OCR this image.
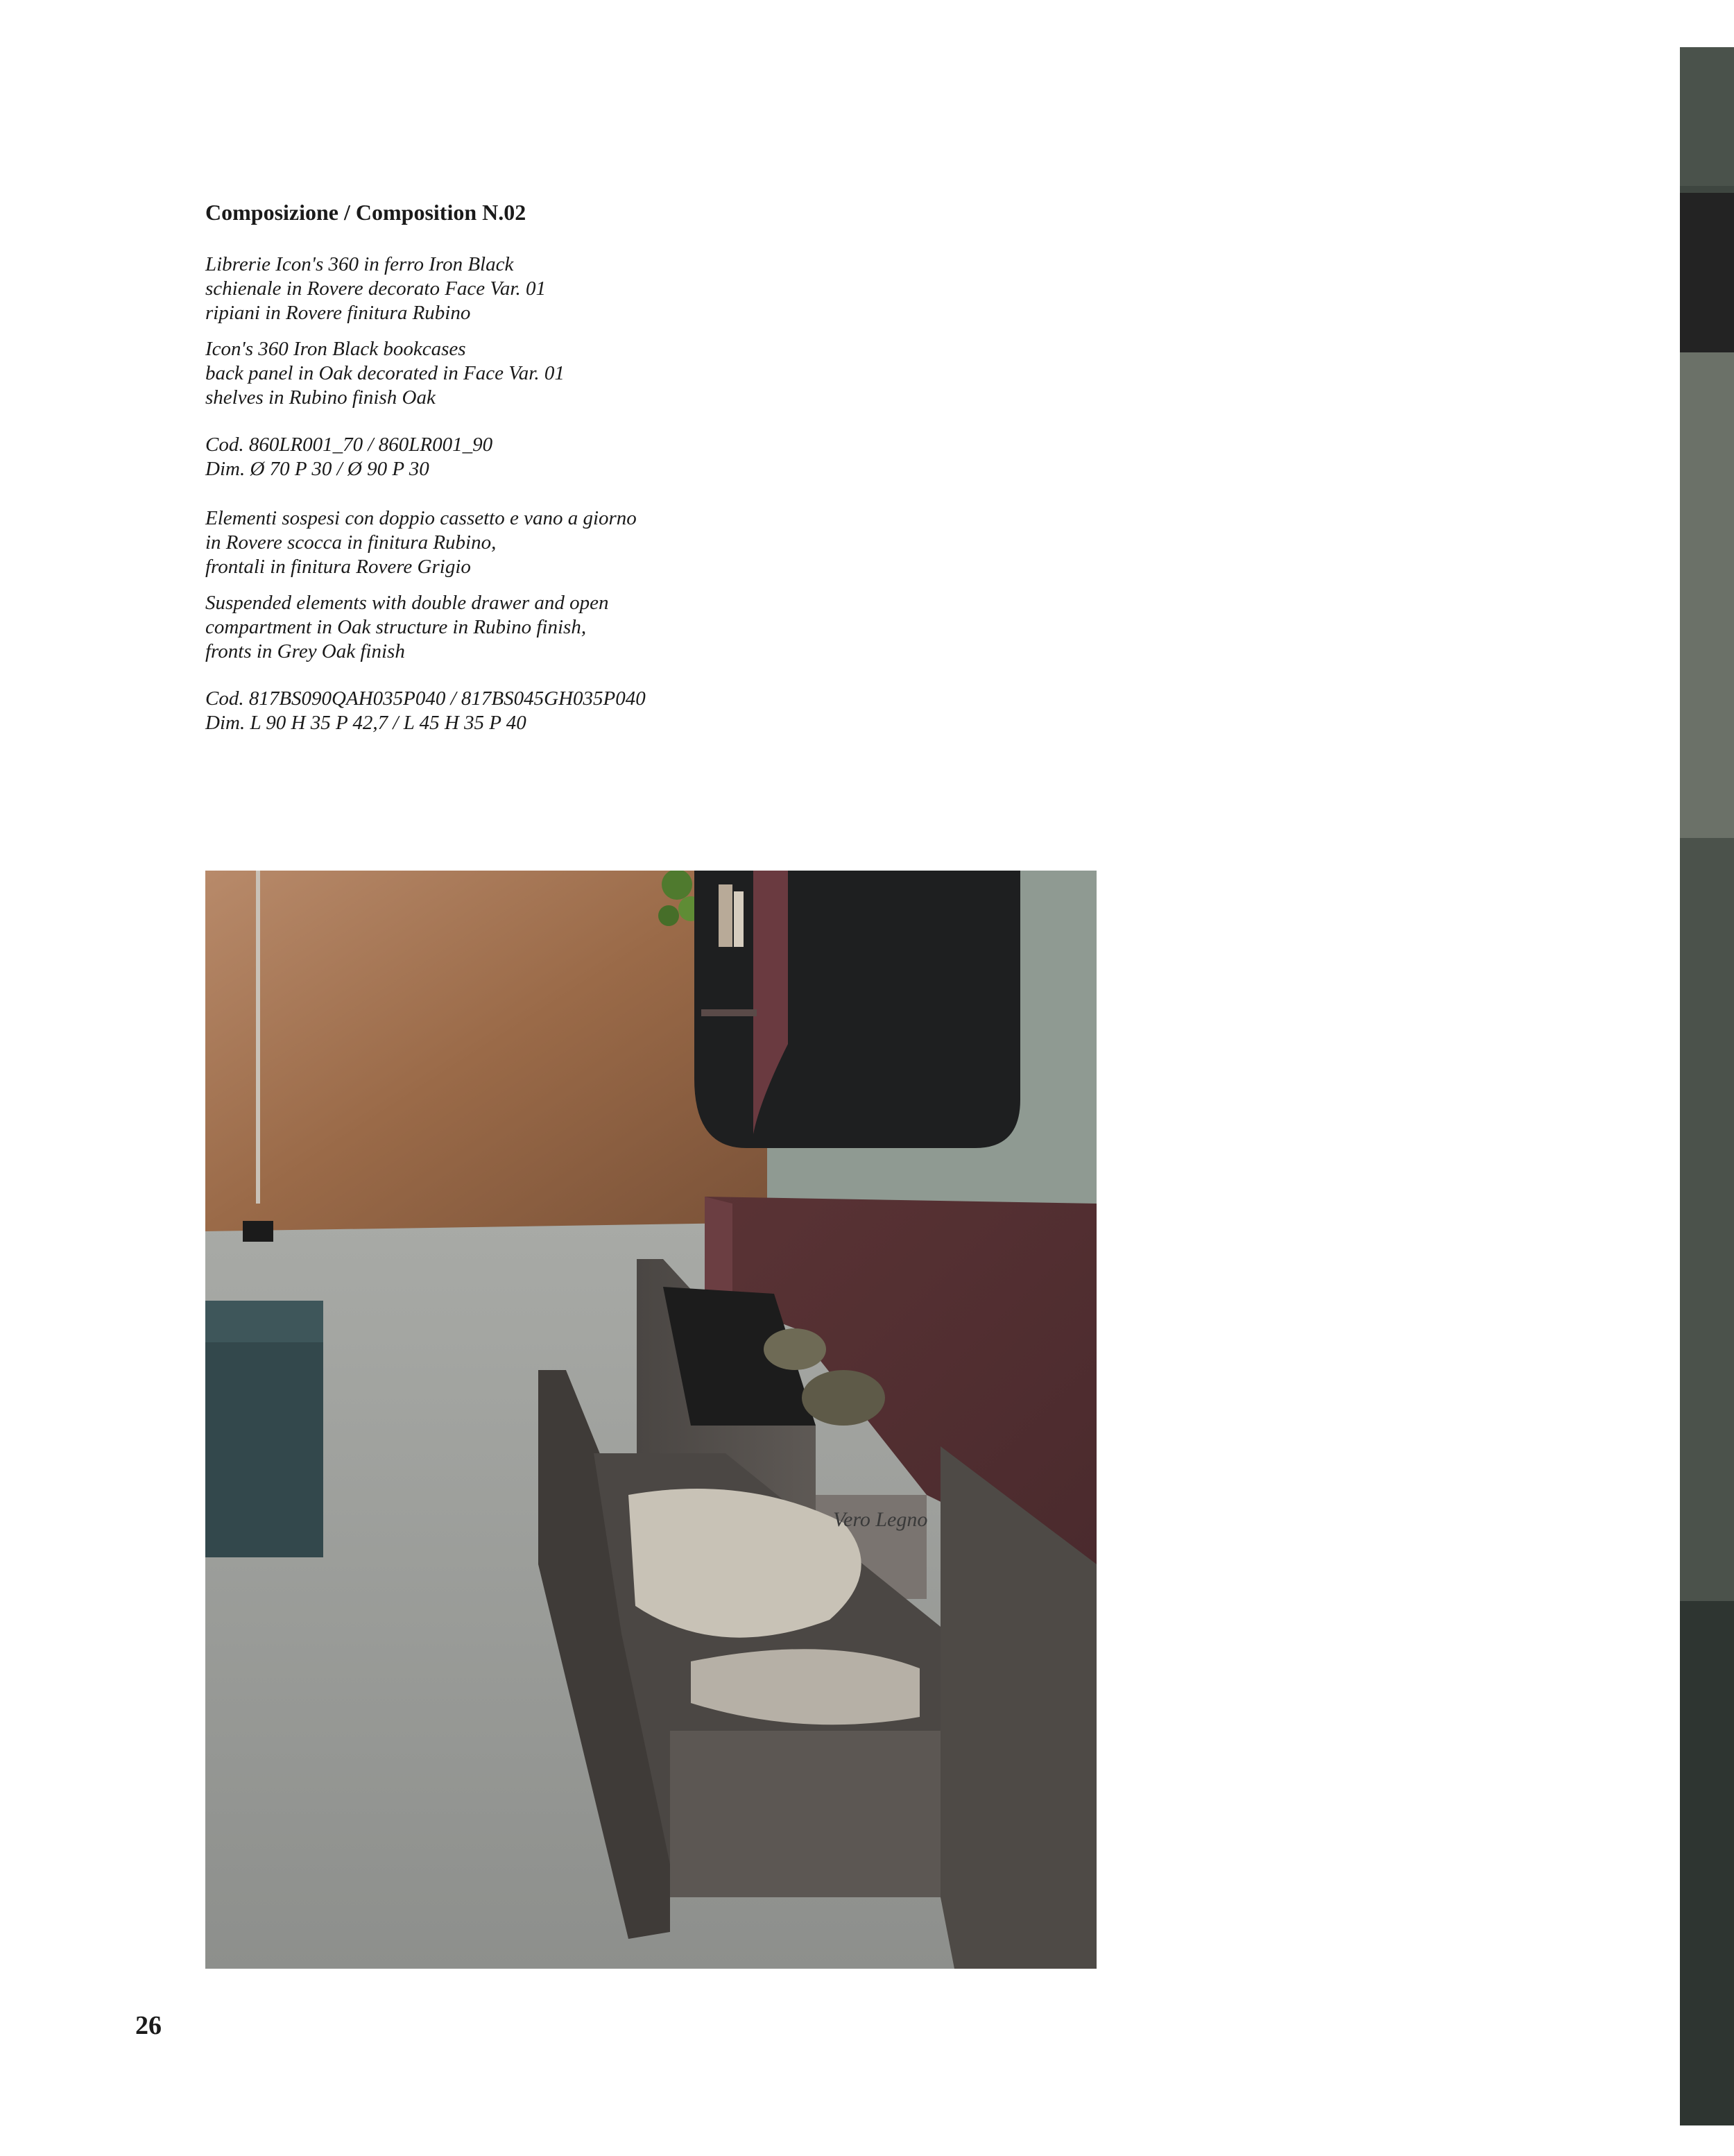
Composizione / Composition N.02

Librerie Icon's 360 in ferro Iron Black
schienale in Rovere decorato Face Var. 01
ripiani in Rovere finitura Rubino

Icon's 360 Iron Black bookcases
back panel in Oak decorated in Face Var. 01
shelves in Rubino finish Oak

Cod. 860LR001_70 / 860LR001_90
Dim. Ø 70 P 30 / Ø 90 P 30

Elementi sospesi con doppio cassetto e vano a giorno
in Rovere scocca in finitura Rubino,
frontali in finitura Rovere Grigio

Suspended elements with double drawer and open
compartment in Oak structure in Rubino finish,
fronts in Grey Oak finish

Cod. 817BS090QAH035P040 / 817BS045GH035P040
Dim. L 90 H 35 P 42,7 / L 45 H 35 P 40

Vero Legno
26
